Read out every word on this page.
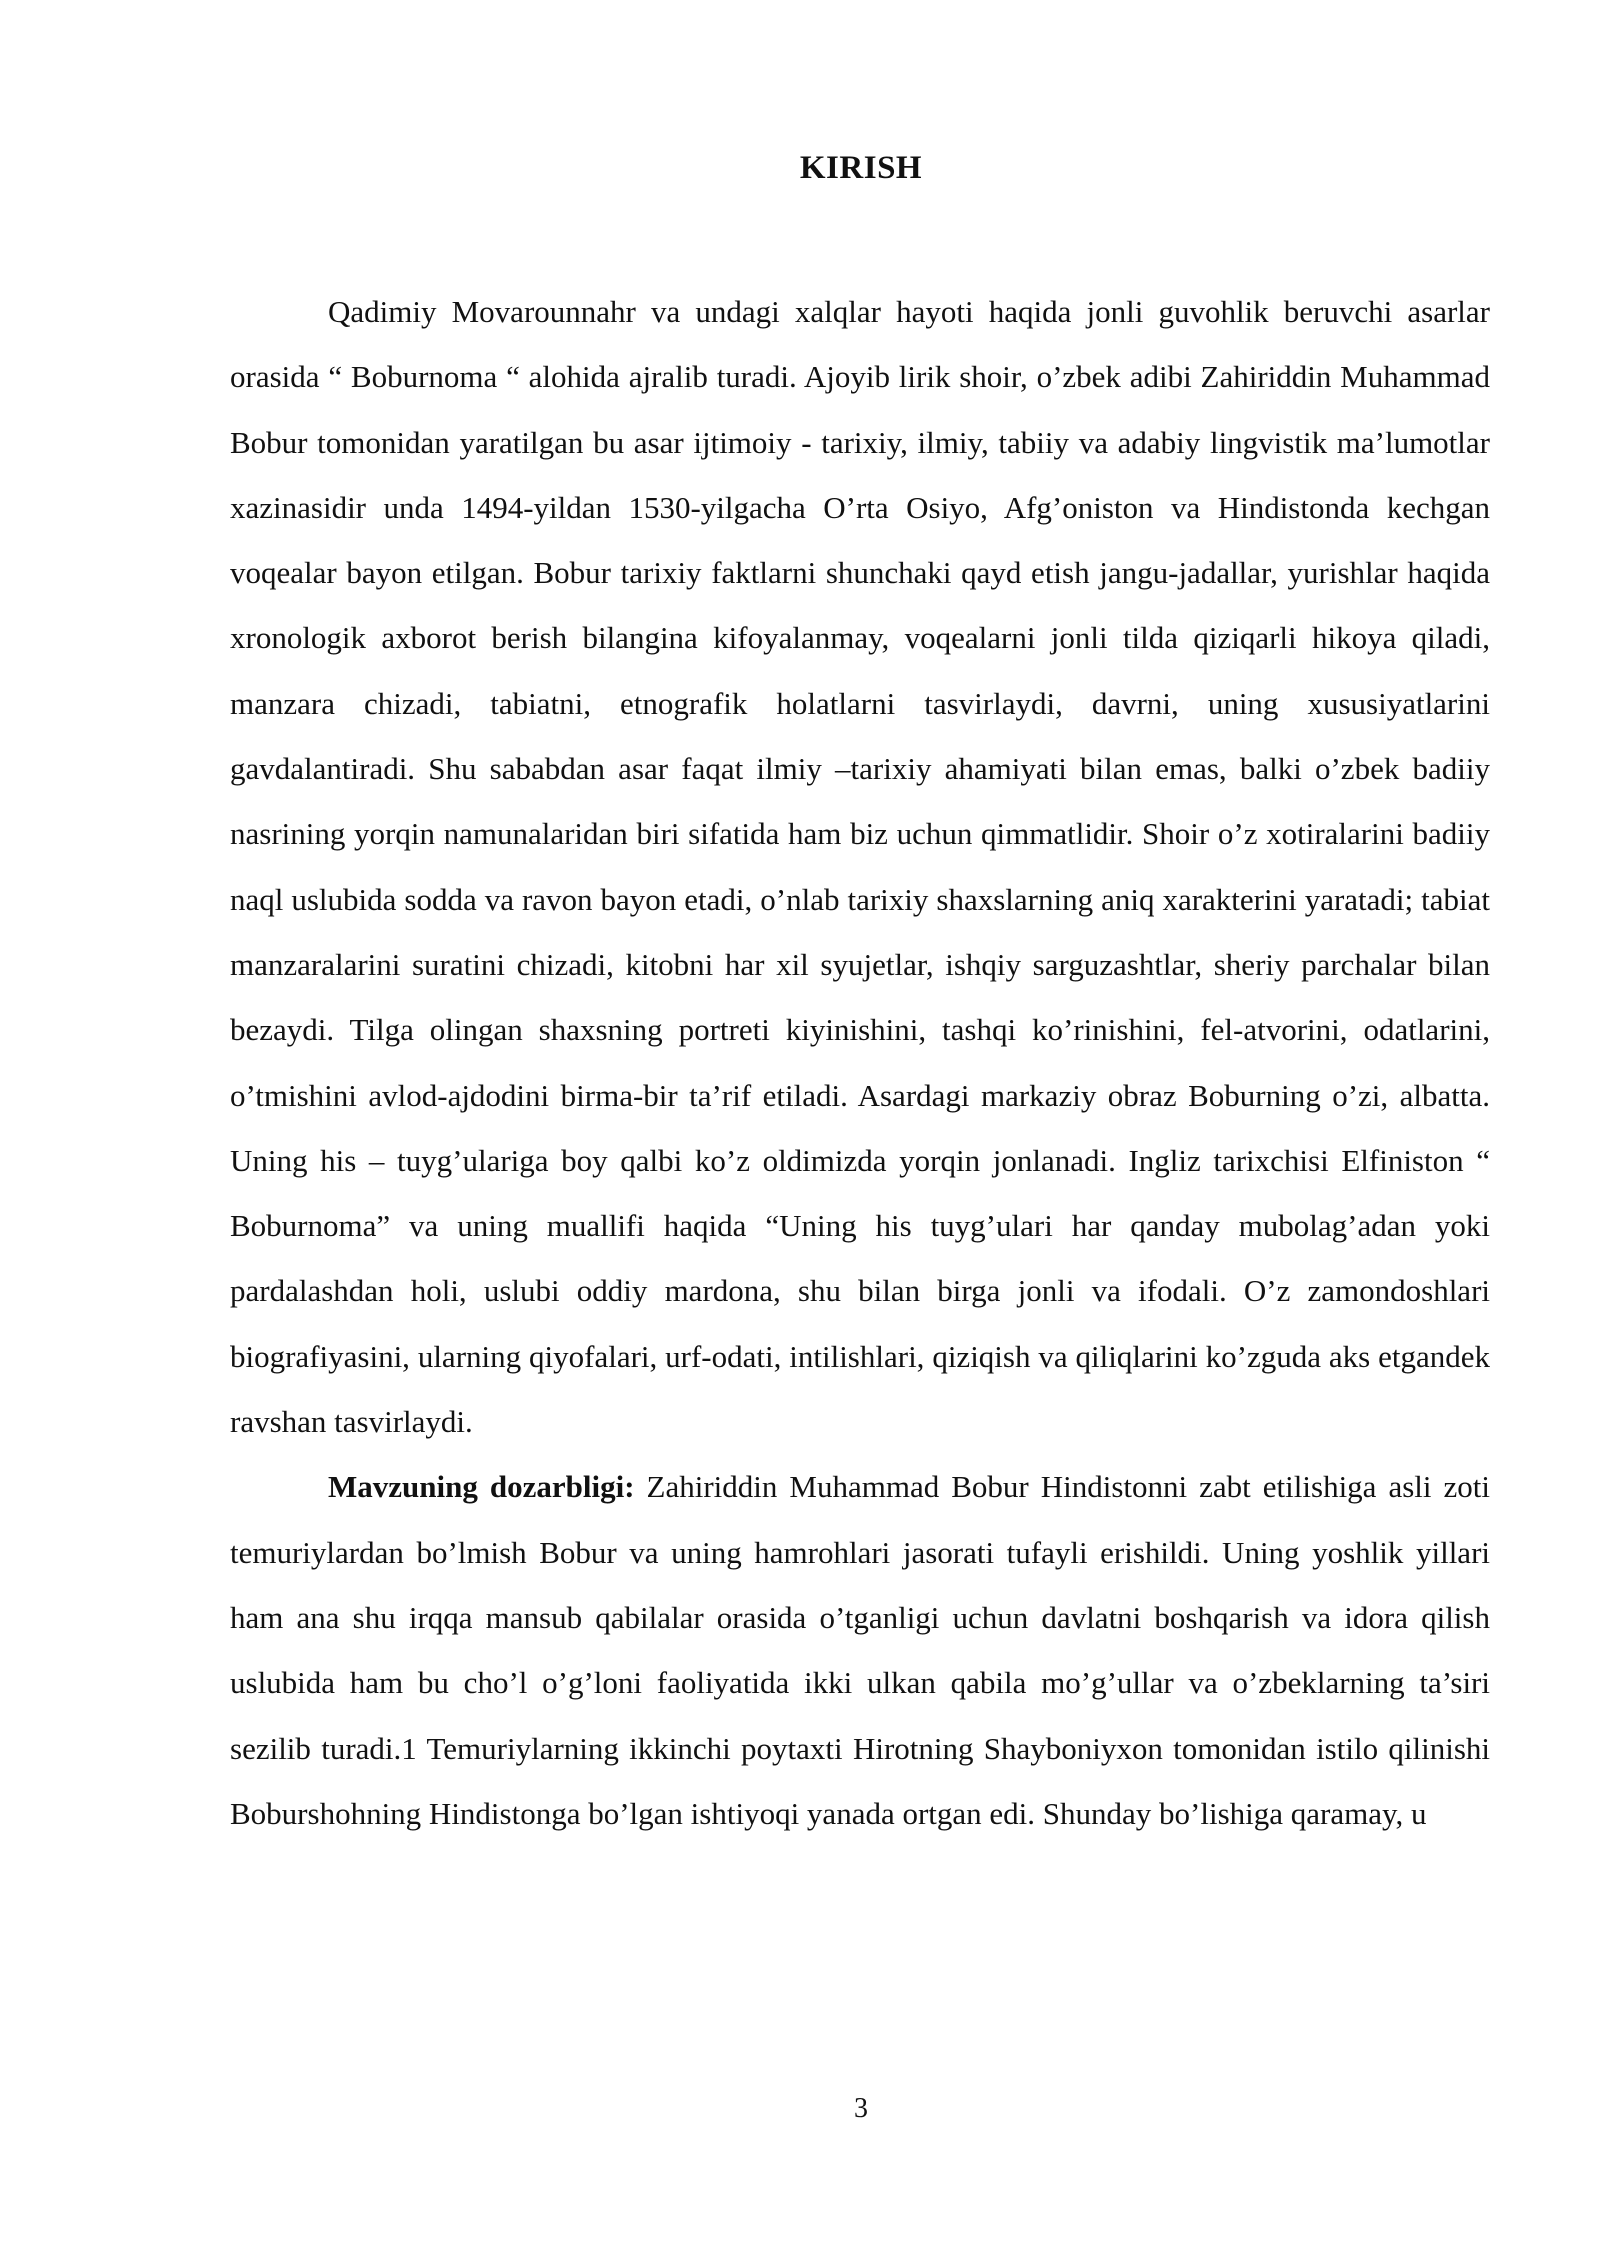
KIRISH

Qadimiy Movarounnahr va undagi xalqlar hayoti haqida jonli guvohlik beruvchi asarlar orasida “ Boburnoma “ alohida ajralib turadi. Ajoyib lirik shoir, o’zbek adibi Zahiriddin Muhammad Bobur tomonidan yaratilgan bu asar ijtimoiy - tarixiy, ilmiy, tabiiy va adabiy lingvistik ma’lumotlar xazinasidir unda 1494-yildan 1530-yilgacha O’rta Osiyo, Afg’oniston va Hindistonda kechgan voqealar bayon etilgan. Bobur tarixiy faktlarni shunchaki qayd etish jangu-jadallar, yurishlar haqida xronologik axborot berish bilangina kifoyalanmay, voqealarni jonli tilda qiziqarli hikoya qiladi, manzara chizadi, tabiatni, etnografik holatlarni tasvirlaydi, davrni, uning xususiyatlarini gavdalantiradi. Shu sababdan asar faqat ilmiy –tarixiy ahamiyati bilan emas, balki o’zbek badiiy nasrining yorqin namunalaridan biri sifatida ham biz uchun qimmatlidir. Shoir o’z xotiralarini badiiy naql uslubida sodda va ravon bayon etadi, o’nlab tarixiy shaxslarning aniq xarakterini yaratadi; tabiat manzaralarini suratini chizadi, kitobni har xil syujetlar, ishqiy sarguzashtlar, sheriy parchalar bilan bezaydi. Tilga olingan shaxsning portreti kiyinishini, tashqi ko’rinishini, fel-atvorini, odatlarini, o’tmishini avlod-ajdodini birma-bir ta’rif etiladi. Asardagi markaziy obraz Boburning o’zi, albatta. Uning his – tuyg’ulariga boy qalbi ko’z oldimizda yorqin jonlanadi. Ingliz tarixchisi Elfiniston “ Boburnoma” va uning muallifi haqida “Uning his tuyg’ulari har qanday mubolag’adan yoki pardalashdan holi, uslubi oddiy mardona, shu bilan birga jonli va ifodali. O’z zamondoshlari biografiyasini, ularning qiyofalari, urf-odati, intilishlari, qiziqish va qiliqlarini ko’zguda aks etgandek ravshan tasvirlaydi.

Mavzuning dozarbligi: Zahiriddin Muhammad Bobur Hindistonni zabt etilishiga asli zoti temuriylardan bo’lmish Bobur va uning hamrohlari jasorati tufayli erishildi. Uning yoshlik yillari ham ana shu irqqa mansub qabilalar orasida o’tganligi uchun davlatni boshqarish va idora qilish uslubida ham bu cho’l o’g’loni faoliyatida ikki ulkan qabila mo’g’ullar va o’zbeklarning ta’siri sezilib turadi.1 Temuriylarning ikkinchi poytaxti Hirotning Shayboniyxon tomonidan istilo qilinishi Boburshohning Hindistonga bo’lgan ishtiyoqi yanada ortgan edi. Shunday bo’lishiga qaramay, u

3
